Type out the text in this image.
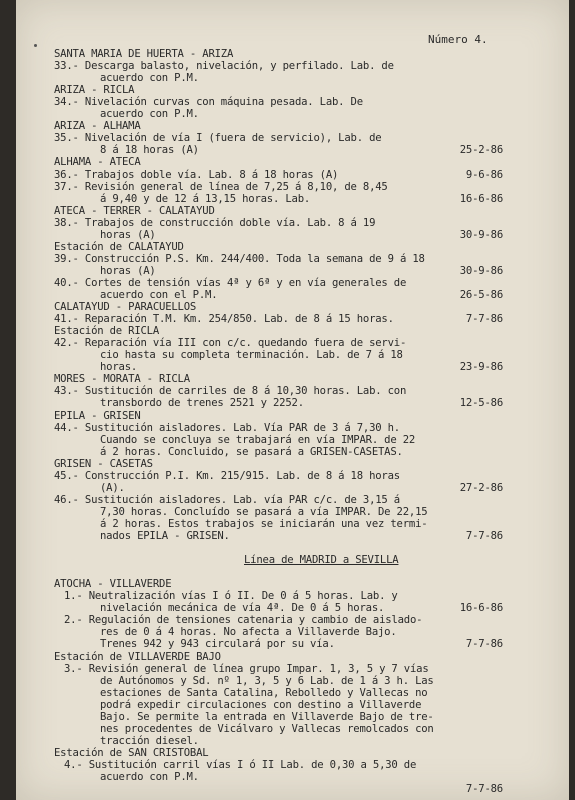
Número 4.
SANTA MARIA DE HUERTA - ARIZA
33.- Descarga balasto, nivelación, y perfilado. Lab. de
acuerdo con P.M.
ARIZA - RICLA
34.- Nivelación curvas con máquina pesada. Lab. De
acuerdo con P.M.
ARIZA - ALHAMA
35.- Nivelación de vía I (fuera de servicio), Lab. de
8 á 18 horas (A)	25-2-86
ALHAMA - ATECA
36.- Trabajos doble vía. Lab. 8 á 18 horas (A)	9-6-86
37.- Revisión general de línea de 7,25 á 8,10, de 8,45
á 9,40 y de 12 á 13,15 horas. Lab.	16-6-86
ATECA - TERRER - CALATAYUD
38.- Trabajos de construcción doble vía. Lab. 8 á 19
horas (A)	30-9-86
Estación de CALATAYUD
39.- Construcción P.S. Km. 244/400. Toda la semana de 9 á 18
horas (A)	30-9-86
40.- Cortes de tensión vías 4ª y 6ª y en vía generales de
acuerdo con el P.M.	26-5-86
CALATAYUD - PARACUELLOS
41.- Reparación T.M. Km. 254/850. Lab. de 8 á 15 horas.	7-7-86
Estación de RICLA
42.- Reparación vía III con c/c. quedando fuera de servi-
cio hasta su completa terminación. Lab. de 7 á 18
horas.	23-9-86
MORES - MORATA - RICLA
43.- Sustitución de carriles de 8 á 10,30 horas. Lab. con
transbordo de trenes 2521 y 2252.	12-5-86
EPILA - GRISEN
44.- Sustitución aisladores. Lab. Vía PAR de 3 á 7,30 h.
Cuando se concluya se trabajará en vía IMPAR. de 22
á 2 horas. Concluido, se pasará a GRISEN-CASETAS.
GRISEN - CASETAS
45.- Construcción P.I. Km. 215/915. Lab. de 8 á 18 horas
(A).	27-2-86
46.- Sustitución aisladores. Lab. vía PAR c/c. de 3,15 á
7,30 horas. Concluído se pasará a vía IMPAR. De 22,15
á 2 horas. Estos trabajos se iniciarán una vez termi-
nados EPILA - GRISEN.	7-7-86
Línea de MADRID a SEVILLA
ATOCHA - VILLAVERDE
1.- Neutralización vías I ó II. De 0 á 5 horas. Lab. y
nivelación mecánica de vía 4ª. De 0 á 5 horas.	16-6-86
2.- Regulación de tensiones catenaria y cambio de aislado-
res de 0 á 4 horas. No afecta a Villaverde Bajo.
Trenes 942 y 943 circulará por su vía.	7-7-86
Estación de VILLAVERDE BAJO
3.- Revisión general de línea grupo Impar. 1, 3, 5 y 7 vías
de Autónomos y Sd. nº 1, 3, 5 y 6 Lab. de 1 á 3 h. Las
estaciones de Santa Catalina, Rebolledo y Vallecas no
podrá expedir circulaciones con destino a Villaverde
Bajo. Se permite la entrada en Villaverde Bajo de tre-
nes procedentes de Vicálvaro y Vallecas remolcados con
tracción diesel.
Estación de SAN CRISTOBAL
4.- Sustitución carril vías I ó II Lab. de 0,30 a 5,30 de
acuerdo con P.M.
7-7-86
